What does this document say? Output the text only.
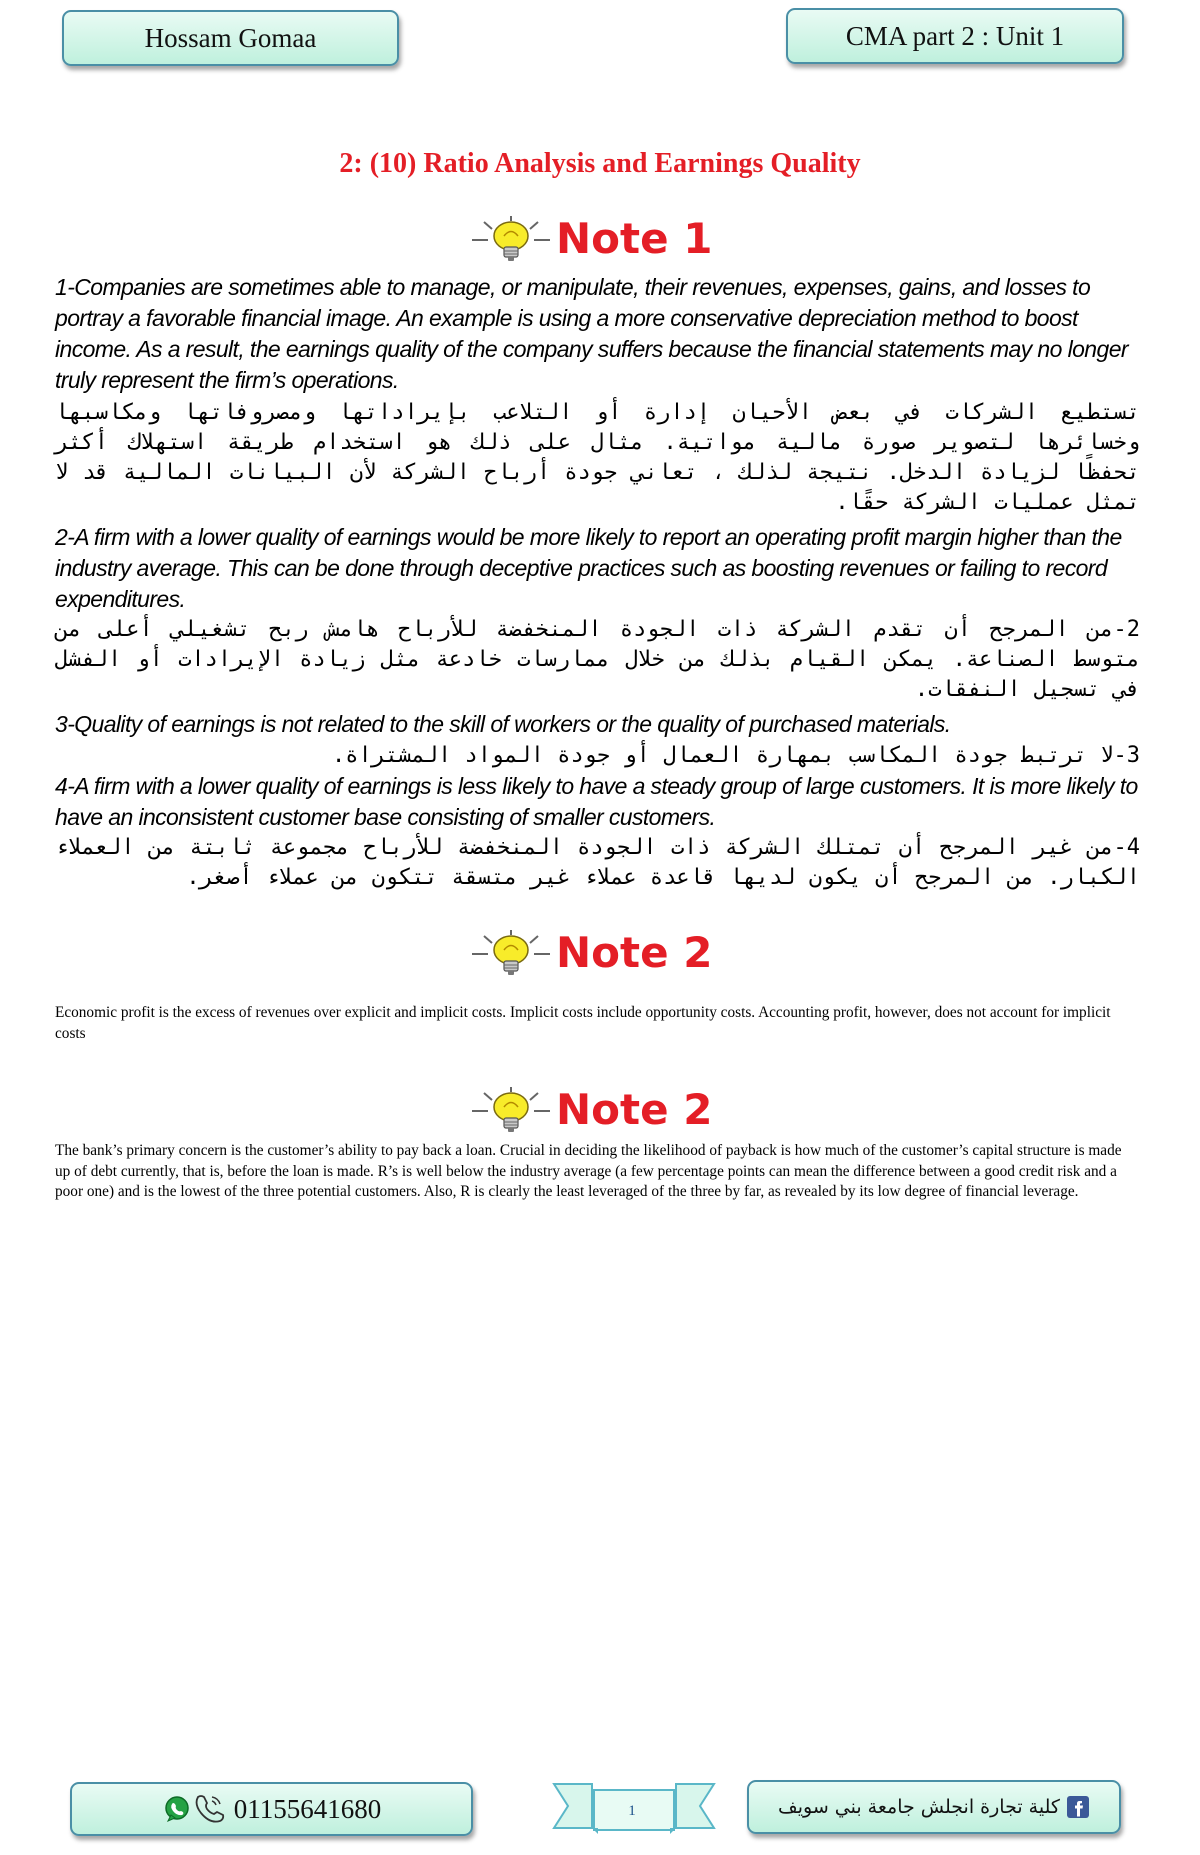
Hossam Gomaa	CMA part 2 : Unit 1
2: (10) Ratio Analysis and Earnings Quality
Note 1
1-Companies are sometimes able to manage, or manipulate, their revenues, expenses, gains, and losses to portray a favorable financial image. An example is using a more conservative depreciation method to boost income. As a result, the earnings quality of the company suffers because the financial statements may no longer truly represent the firm’s operations.
تستطيع الشركات في بعض الأحيان إدارة أو التلاعب بإيراداتها ومصروفاتها ومكاسبها وخسائرها لتصوير صورة مالية مواتية. مثال على ذلك هو استخدام طريقة استهلاك أكثر تحفظًا لزيادة الدخل. نتيجة لذلك ، تعاني جودة أرباح الشركة لأن البيانات المالية قد لا تمثل عمليات الشركة حقًا.
2-A firm with a lower quality of earnings would be more likely to report an operating profit margin higher than the industry average. This can be done through deceptive practices such as boosting revenues or failing to record expenditures.
2-من المرجح أن تقدم الشركة ذات الجودة المنخفضة للأرباح هامش ربح تشغيلي أعلى من متوسط الصناعة. يمكن القيام بذلك من خلال ممارسات خادعة مثل زيادة الإيرادات أو الفشل في تسجيل النفقات.
3-Quality of earnings is not related to the skill of workers or the quality of purchased materials.
3-لا ترتبط جودة المكاسب بمهارة العمال أو جودة المواد المشتراة.
4-A firm with a lower quality of earnings is less likely to have a steady group of large customers. It is more likely to have an inconsistent customer base consisting of smaller customers.
4-من غير المرجح أن تمتلك الشركة ذات الجودة المنخفضة للأرباح مجموعة ثابتة من العملاء الكبار. من المرجح أن يكون لديها قاعدة عملاء غير متسقة تتكون من عملاء أصغر.
Note 2
Economic profit is the excess of revenues over explicit and implicit costs. Implicit costs include opportunity costs. Accounting profit, however, does not account for implicit costs
Note 2
The bank’s primary concern is the customer’s ability to pay back a loan. Crucial in deciding the likelihood of payback is how much of the customer’s capital structure is made up of debt currently, that is, before the loan is made. R’s is well below the industry average (a few percentage points can mean the difference between a good credit risk and a poor one) and is the lowest of the three potential customers. Also, R is clearly the least leveraged of the three by far, as revealed by its low degree of financial leverage.
01155641680	1	كلية تجارة انجلش جامعة بني سويف
